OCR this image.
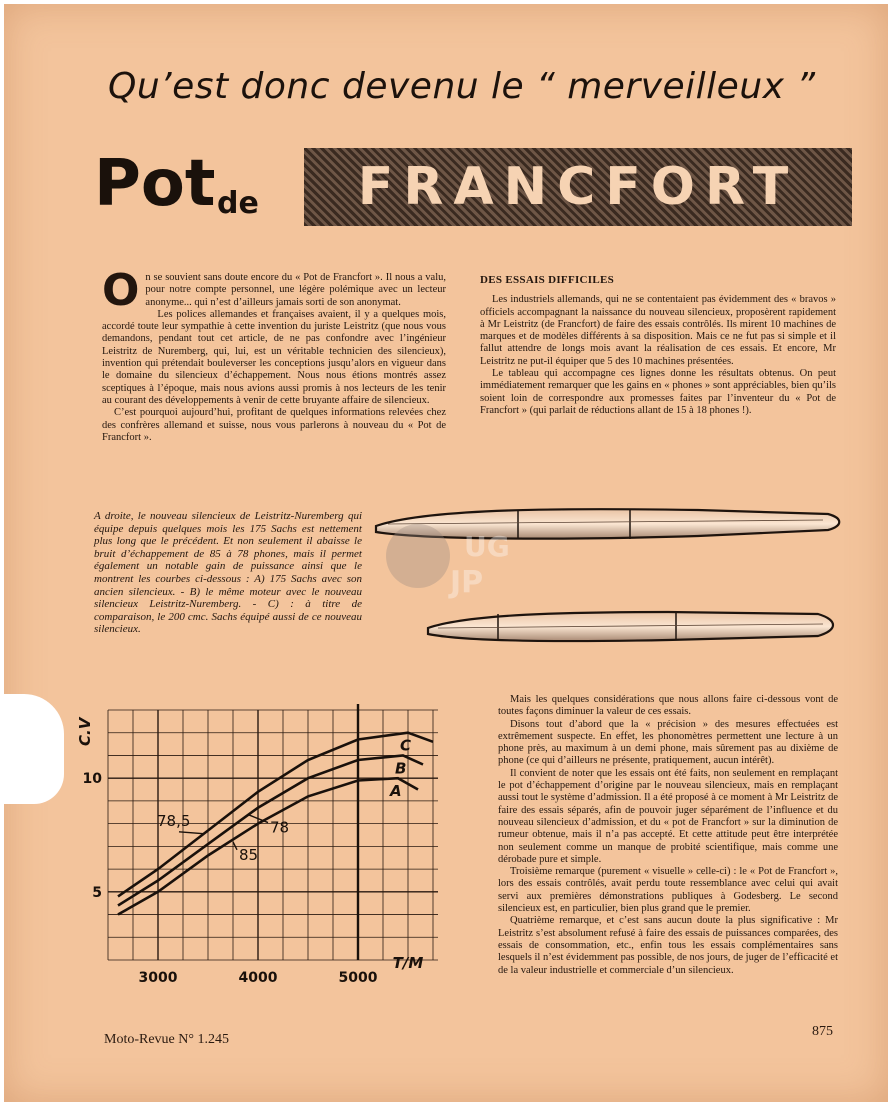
Qu’est donc devenu le “ merveilleux ”
Pot de	FRANCFORT

On se souvient sans doute encore du « Pot de Francfort ». Il nous a valu, pour notre compte personnel, une légère polémique avec un lecteur anonyme... qui n’est d’ailleurs jamais sorti de son anonymat.

Les polices allemandes et françaises avaient, il y a quelques mois, accordé toute leur sympathie à cette invention du juriste Leistritz (que nous vous demandons, pendant tout cet article, de ne pas confondre avec l’ingénieur Leistritz de Nuremberg, qui, lui, est un véritable technicien des silencieux), invention qui prétendait bouleverser les conceptions jusqu’alors en vigueur dans le domaine du silencieux d’échappement. Nous nous étions montrés assez sceptiques à l’époque, mais nous avions aussi promis à nos lecteurs de les tenir au courant des développements à venir de cette bruyante affaire de silencieux.

C’est pourquoi aujourd’hui, profitant de quelques informations relevées chez des confrères allemand et suisse, nous vous parlerons à nouveau du « Pot de Francfort ».

DES ESSAIS DIFFICILES

Les industriels allemands, qui ne se contentaient pas évidemment des « bravos » officiels accompagnant la naissance du nouveau silencieux, proposèrent rapidement à Mr Leistritz (de Francfort) de faire des essais contrôlés. Ils mirent 10 machines de marques et de modèles différents à sa disposition. Mais ce ne fut pas si simple et il fallut attendre de longs mois avant la réalisation de ces essais. Et encore, Mr Leistritz ne put-il équiper que 5 des 10 machines présentées.

Le tableau qui accompagne ces lignes donne les résultats obtenus. On peut immédiatement remarquer que les gains en « phones » sont appréciables, bien qu’ils soient loin de correspondre aux promesses faites par l’inventeur du « Pot de Francfort » (qui parlait de réductions allant de 15 à 18 phones !).

A droite, le nouveau silencieux de Leistritz-Nuremberg qui équipe depuis quelques mois les 175 Sachs est nettement plus long que le précédent. Et non seulement il abaisse le bruit d’échappement de 85 à 78 phones, mais il permet également un notable gain de puissance ainsi que le montrent les courbes ci-dessous : A) 175 Sachs avec son ancien silencieux. - B) le même moteur avec le nouveau silencieux Leistritz-Nuremberg. - C) : à titre de comparaison, le 200 cmc. Sachs équipé aussi de ce nouveau silencieux.
UG
JP
3000	4000	5000
5
10
C.V
T/M
A
B
C
78,5	78
85

Mais les quelques considérations que nous allons faire ci-dessous vont de toutes façons diminuer la valeur de ces essais.

Disons tout d’abord que la « précision » des mesures effectuées est extrêmement suspecte. En effet, les phonomètres permettent une lecture à un phone près, au maximum à un demi phone, mais sûrement pas au dixième de phone (ce qui d’ailleurs ne présente, pratiquement, aucun intérêt).

Il convient de noter que les essais ont été faits, non seulement en remplaçant le pot d’échappement d’origine par le nouveau silencieux, mais en remplaçant aussi tout le système d’admission. Il a été proposé à ce moment à Mr Leistritz de faire des essais séparés, afin de pouvoir juger séparément de l’influence et du nouveau silencieux d’admission, et du « pot de Francfort » sur la diminution de rumeur obtenue, mais il n’a pas accepté. Et cette attitude peut être interprétée non seulement comme un manque de probité scientifique, mais comme une dérobade pure et simple.

Troisième remarque (purement « visuelle » celle-ci) : le « Pot de Francfort », lors des essais contrôlés, avait perdu toute ressemblance avec celui qui avait servi aux premières démonstrations publiques à Godesberg. Le second silencieux est, en particulier, bien plus grand que le premier.

Quatrième remarque, et c’est sans aucun doute la plus significative : Mr Leistritz s’est absolument refusé à faire des essais de puissances comparées, des essais de consommation, etc., enfin tous les essais complémentaires sans lesquels il n’est évidemment pas possible, de nos jours, de juger de l’efficacité et de la valeur industrielle et commerciale d’un silencieux.

Moto-Revue N° 1.245
875
